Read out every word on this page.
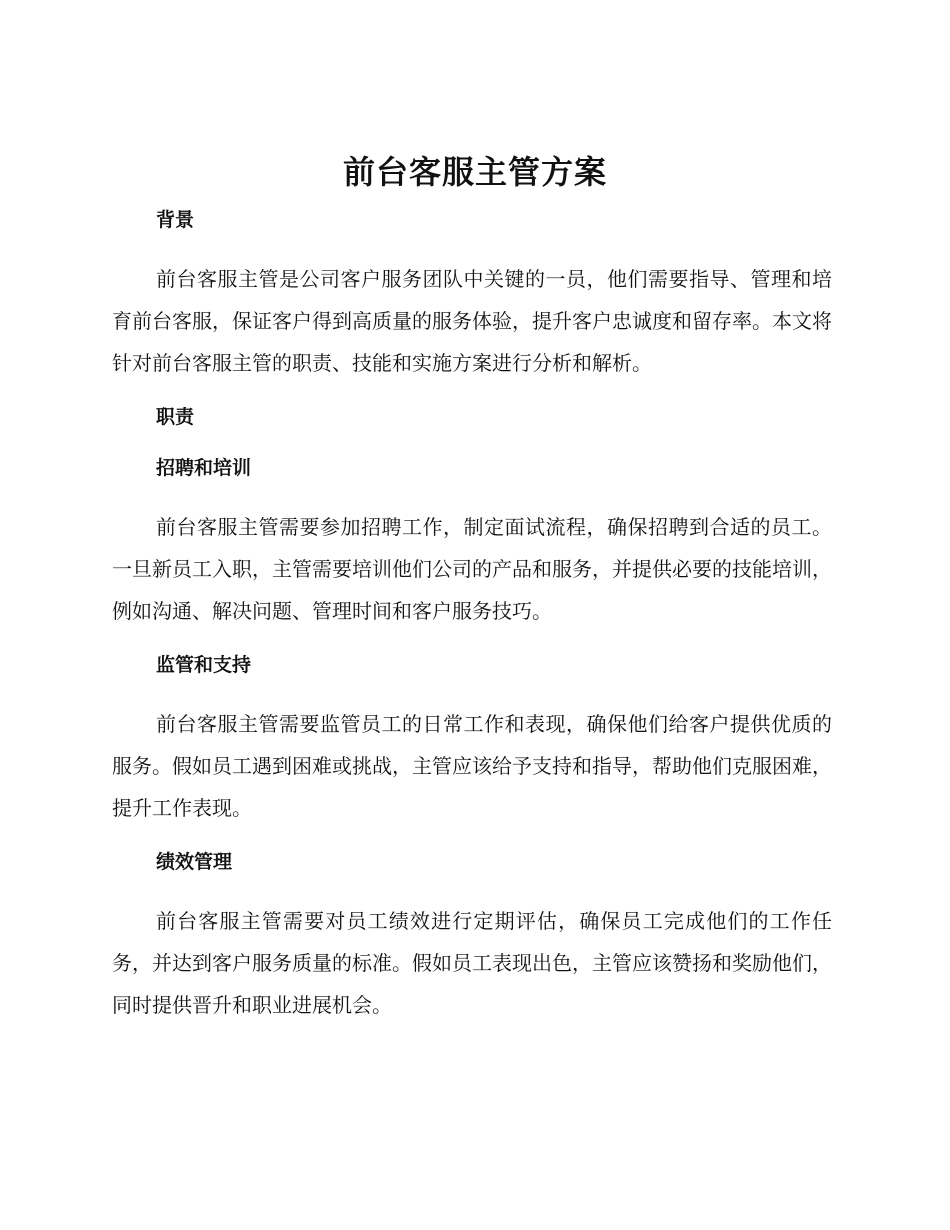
前台客服主管方案
背景

前台客服主管是公司客户服务团队中关键的一员，他们需要指导、管理和培育前台客服，保证客户得到高质量的服务体验，提升客户忠诚度和留存率。本文将针对前台客服主管的职责、技能和实施方案进行分析和解析。

职责
招聘和培训

前台客服主管需要参加招聘工作，制定面试流程，确保招聘到合适的员工。一旦新员工入职，主管需要培训他们公司的产品和服务，并提供必要的技能培训，例如沟通、解决问题、管理时间和客户服务技巧。

监管和支持

前台客服主管需要监管员工的日常工作和表现，确保他们给客户提供优质的服务。假如员工遇到困难或挑战，主管应该给予支持和指导，帮助他们克服困难，提升工作表现。

绩效管理

前台客服主管需要对员工绩效进行定期评估，确保员工完成他们的工作任务，并达到客户服务质量的标准。假如员工表现出色，主管应该赞扬和奖励他们，同时提供晋升和职业进展机会。
